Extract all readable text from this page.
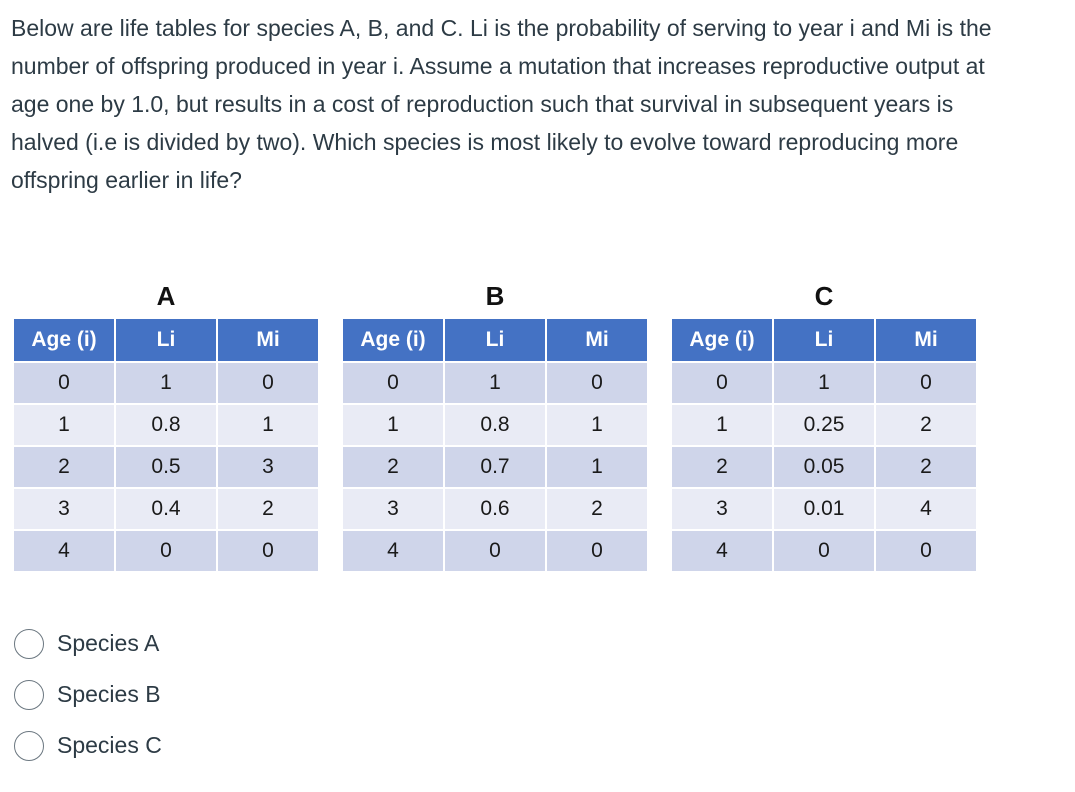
Below are life tables for species A, B, and C. Li is the probability of serving to year i and Mi is the number of offspring produced in year i. Assume a mutation that increases reproductive output at age one by 1.0, but results in a cost of reproduction such that survival in subsequent years is halved (i.e is divided by two). Which species is most likely to evolve toward reproducing more offspring earlier in life?

A
Age (i)	Li	Mi
0	1	0
1	0.8	1
2	0.5	3
3	0.4	2
4	0	0
B
Age (i)	Li	Mi
0	1	0
1	0.8	1
2	0.7	1
3	0.6	2
4	0	0
C
Age (i)	Li	Mi
0	1	0
1	0.25	2
2	0.05	2
3	0.01	4
4	0	0
Species A
Species B
Species C
